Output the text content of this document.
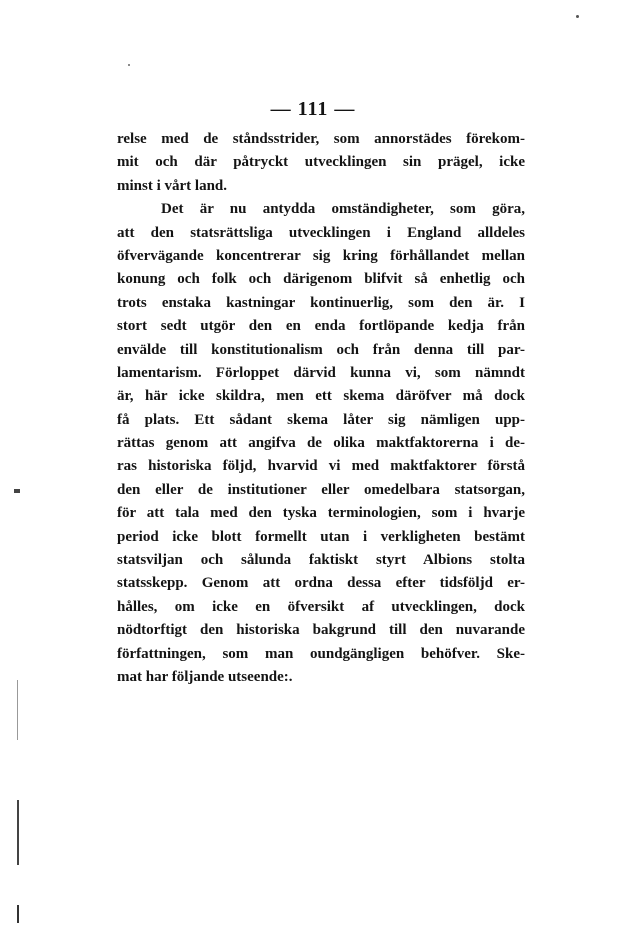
— 111 —
relse med de ståndsstrider, som annorstädes förekom-
mit och där påtryckt utvecklingen sin prägel, icke
minst i vårt land.
Det är nu antydda omständigheter, som göra,
att den statsrättsliga utvecklingen i England alldeles
öfvervägande koncentrerar sig kring förhållandet mellan
konung och folk och därigenom blifvit så enhetlig och
trots enstaka kastningar kontinuerlig, som den är. I
stort sedt utgör den en enda fortlöpande kedja från
envälde till konstitutionalism och från denna till par-
lamentarism. Förloppet därvid kunna vi, som nämndt
är, här icke skildra, men ett skema däröfver må dock
få plats. Ett sådant skema låter sig nämligen upp-
rättas genom att angifva de olika maktfaktorerna i de-
ras historiska följd, hvarvid vi med maktfaktorer förstå
den eller de institutioner eller omedelbara statsorgan,
för att tala med den tyska terminologien, som i hvarje
period icke blott formellt utan i verkligheten bestämt
statsviljan och sålunda faktiskt styrt Albions stolta
statsskepp. Genom att ordna dessa efter tidsföljd er-
hålles, om icke en öfversikt af utvecklingen, dock
nödtorftigt den historiska bakgrund till den nuvarande
författningen, som man oundgängligen behöfver. Ske-
mat har följande utseende:.
